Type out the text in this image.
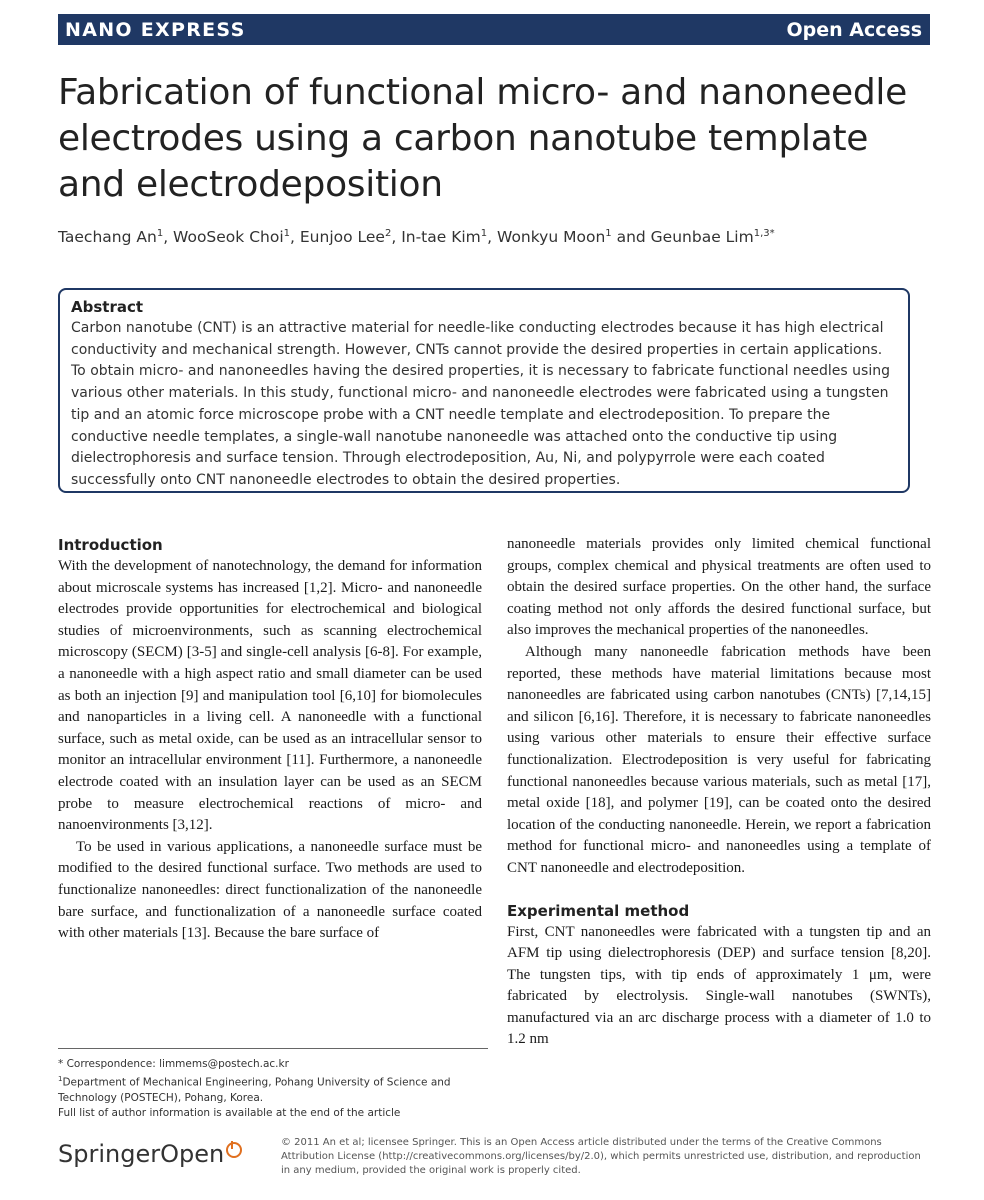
NANO EXPRESS	Open Access
Fabrication of functional micro- and nanoneedle electrodes using a carbon nanotube template and electrodeposition
Taechang An$^1$, WooSeok Choi$^1$, Eunjoo Lee$^2$, In-tae Kim$^1$, Wonkyu Moon$^1$ and Geunbae Lim$^{1,3*}$
Abstract

Carbon nanotube (CNT) is an attractive material for needle-like conducting electrodes because it has high electrical conductivity and mechanical strength. However, CNTs cannot provide the desired properties in certain applications. To obtain micro- and nanoneedles having the desired properties, it is necessary to fabricate functional needles using various other materials. In this study, functional micro- and nanoneedle electrodes were fabricated using a tungsten tip and an atomic force microscope probe with a CNT needle template and electrodeposition. To prepare the conductive needle templates, a single-wall nanotube nanoneedle was attached onto the conductive tip using dielectrophoresis and surface tension. Through electrodeposition, Au, Ni, and polypyrrole were each coated successfully onto CNT nanoneedle electrodes to obtain the desired properties.

Introduction

With the development of nanotechnology, the demand for information about microscale systems has increased [1,2]. Micro- and nanoneedle electrodes provide opportunities for electrochemical and biological studies of microenvironments, such as scanning electrochemical microscopy (SECM) [3-5] and single-cell analysis [6-8]. For example, a nanoneedle with a high aspect ratio and small diameter can be used as both an injection [9] and manipulation tool [6,10] for biomolecules and nanoparticles in a living cell. A nanoneedle with a functional surface, such as metal oxide, can be used as an intracellular sensor to monitor an intracellular environment [11]. Furthermore, a nanoneedle electrode coated with an insulation layer can be used as an SECM probe to measure electrochemical reactions of micro- and nanoenvironments [3,12].

To be used in various applications, a nanoneedle surface must be modified to the desired functional surface. Two methods are used to functionalize nanoneedles: direct functionalization of the nanoneedle bare surface, and functionalization of a nanoneedle surface coated with other materials [13]. Because the bare surface of

nanoneedle materials provides only limited chemical functional groups, complex chemical and physical treatments are often used to obtain the desired surface properties. On the other hand, the surface coating method not only affords the desired functional surface, but also improves the mechanical properties of the nanoneedles.

Although many nanoneedle fabrication methods have been reported, these methods have material limitations because most nanoneedles are fabricated using carbon nanotubes (CNTs) [7,14,15] and silicon [6,16]. Therefore, it is necessary to fabricate nanoneedles using various other materials to ensure their effective surface functionalization. Electrodeposition is very useful for fabricating functional nanoneedles because various materials, such as metal [17], metal oxide [18], and polymer [19], can be coated onto the desired location of the conducting nanoneedle. Herein, we report a fabrication method for functional micro- and nanoneedles using a template of CNT nanoneedle and electrodeposition.

Experimental method

First, CNT nanoneedles were fabricated with a tungsten tip and an AFM tip using dielectrophoresis (DEP) and surface tension [8,20]. The tungsten tips, with tip ends of approximately 1 μm, were fabricated by electrolysis. Single-wall nanotubes (SWNTs), manufactured via an arc discharge process with a diameter of 1.0 to 1.2 nm

* Correspondence: limmems@postech.ac.kr
$^1$Department of Mechanical Engineering, Pohang University of Science and Technology (POSTECH), Pohang, Korea.
Full list of author information is available at the end of the article
SpringerOpen	© 2011 An et al; licensee Springer. This is an Open Access article distributed under the terms of the Creative Commons Attribution License (http://creativecommons.org/licenses/by/2.0), which permits unrestricted use, distribution, and reproduction in any medium, provided the original work is properly cited.
